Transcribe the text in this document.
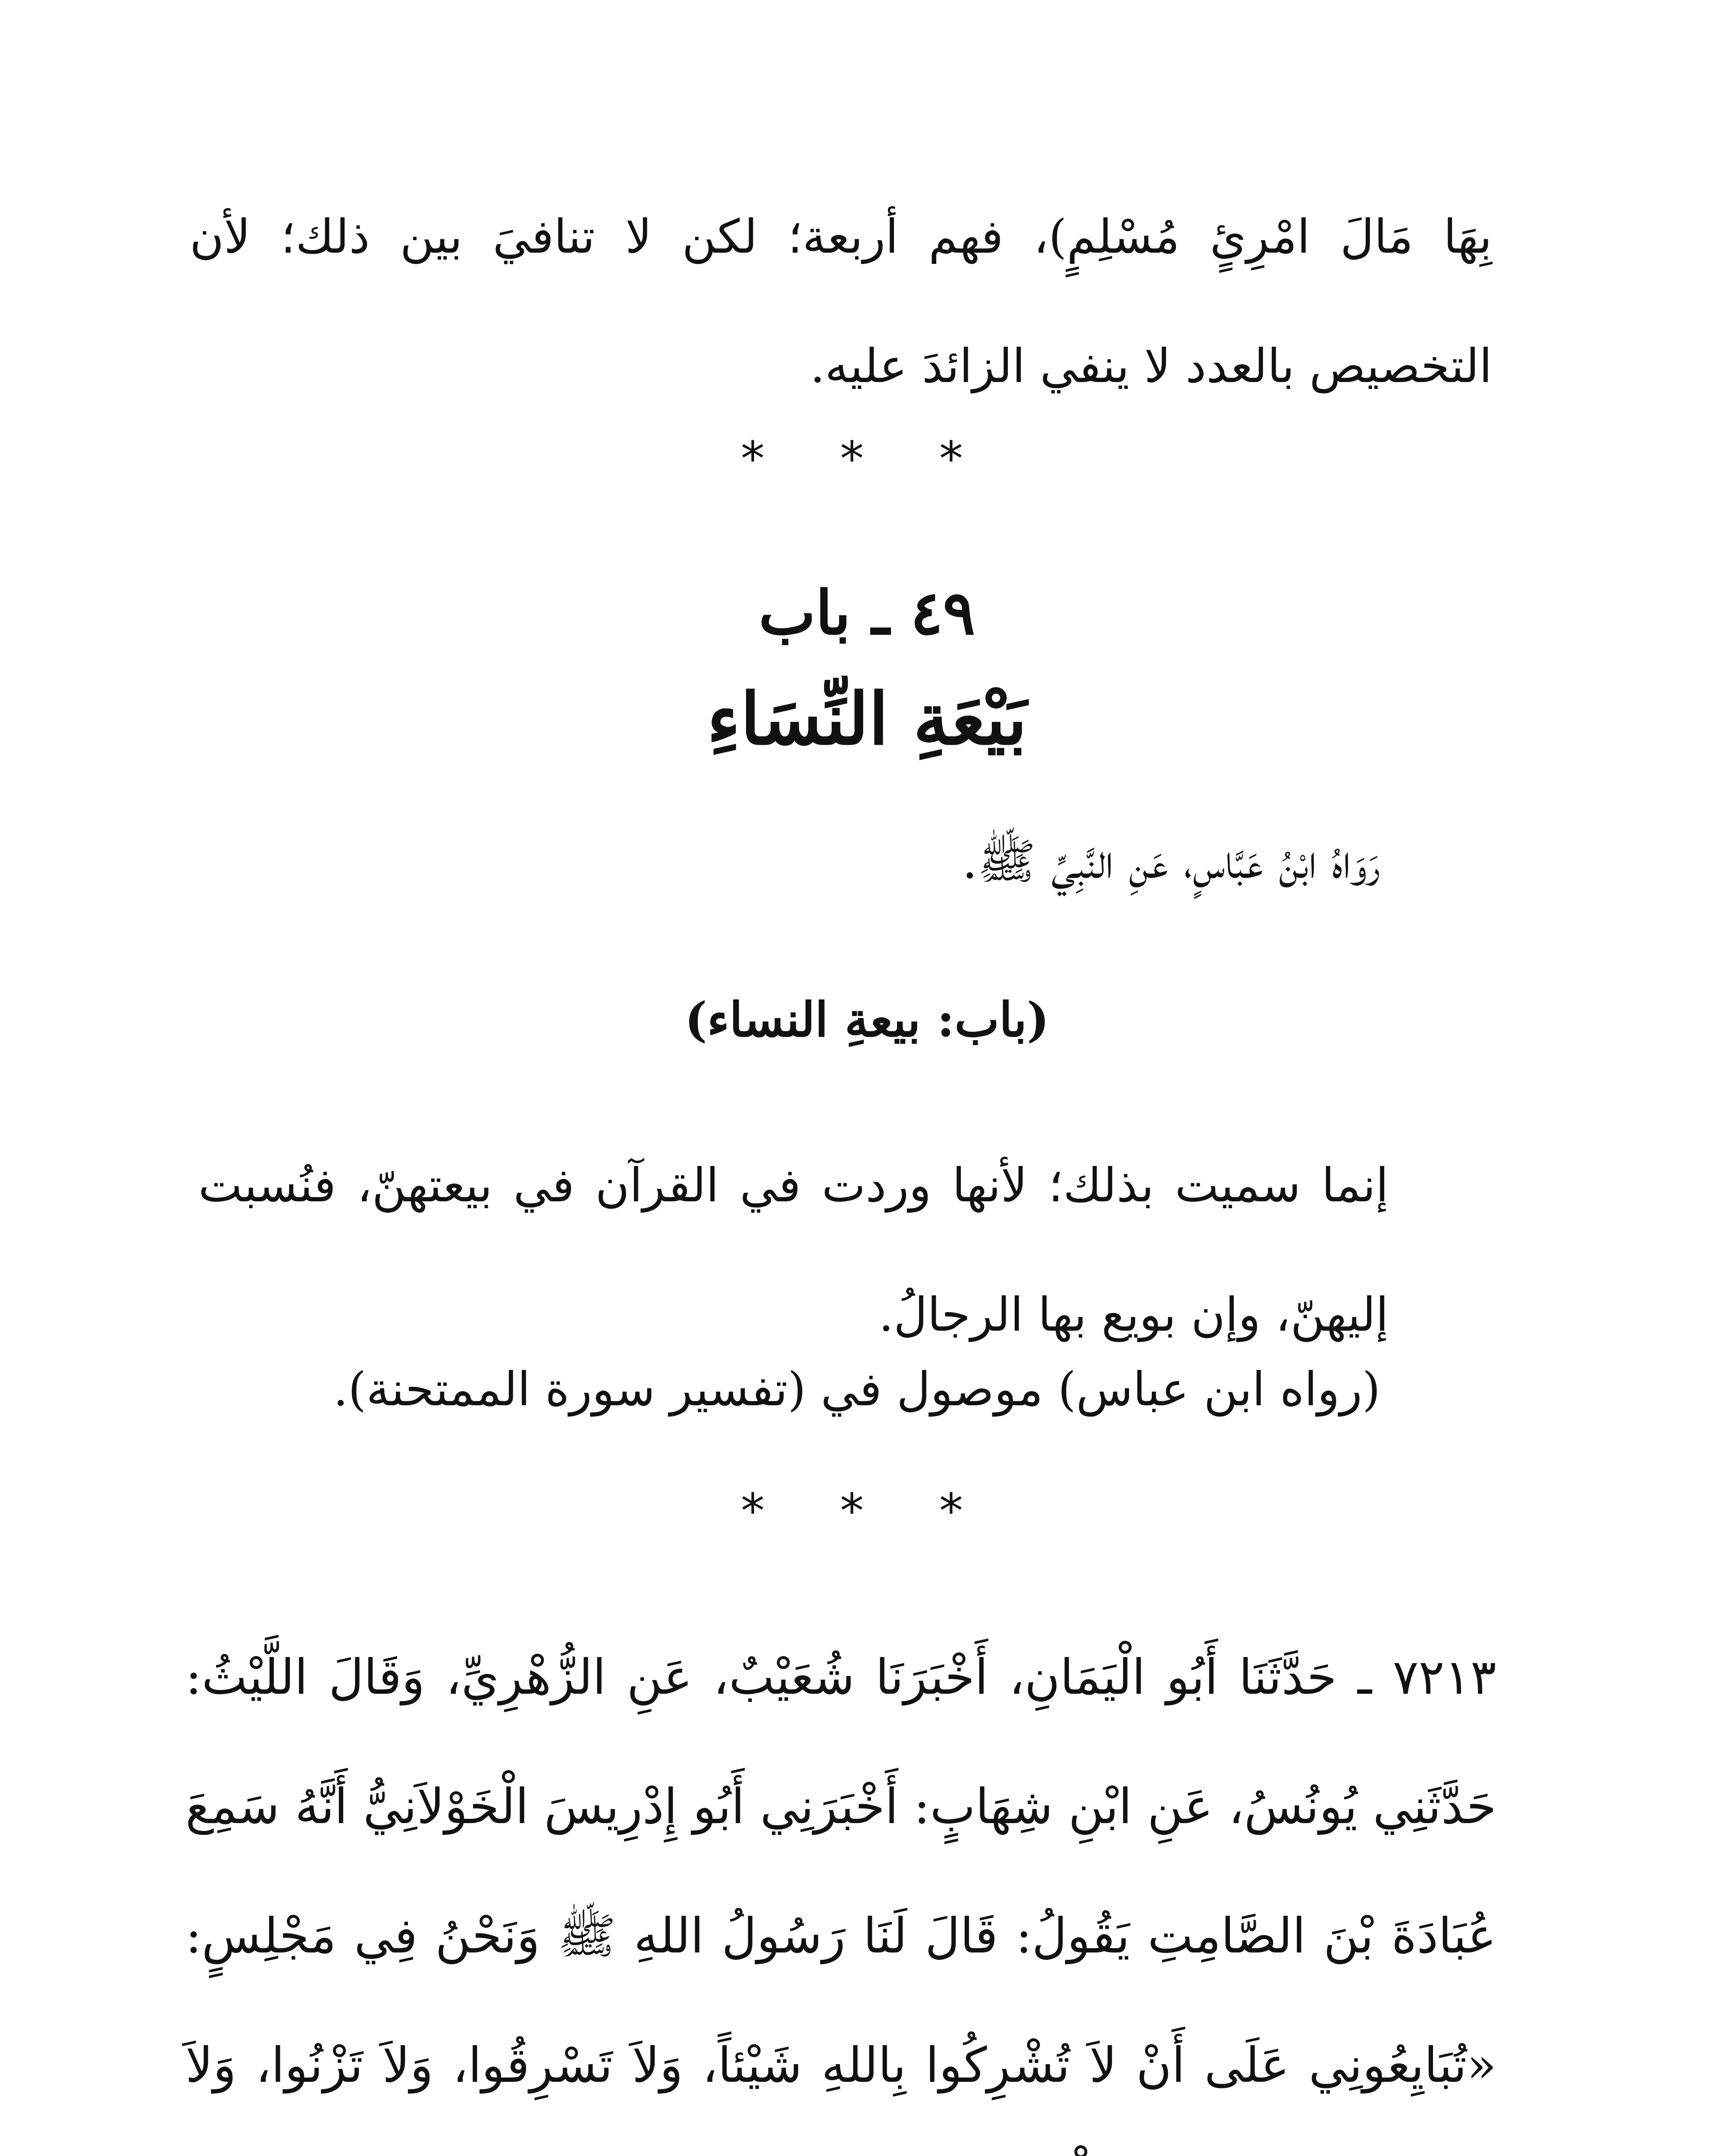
بِهَا مَالَ امْرِئٍ مُسْلِمٍ)، فهم أربعة؛ لكن لا تنافيَ بين ذلك؛ لأن التخصيص بالعدد لا ينفي الزائدَ عليه.
* * *
٤٩ ـ باب
بَيْعَةِ النِّسَاءِ
رَوَاهُ ابْنُ عَبَّاسٍ، عَنِ النَّبِيِّ ﷺ.
(باب: بيعةِ النساء)
إنما سميت بذلك؛ لأنها وردت في القرآن في بيعتهنّ، فنُسبت إليهنّ، وإن بويع بها الرجالُ.
(رواه ابن عباس) موصول في (تفسير سورة الممتحنة).
* * *
٧٢١٣ ـ حَدَّثَنَا أَبُو الْيَمَانِ، أَخْبَرَنَا شُعَيْبٌ، عَنِ الزُّهْرِيِّ، وَقَالَ اللَّيْثُ: حَدَّثَنِي يُونُسُ، عَنِ ابْنِ شِهَابٍ: أَخْبَرَنِي أَبُو إِدْرِيسَ الْخَوْلاَنِيُّ أَنَّهُ سَمِعَ عُبَادَةَ بْنَ الصَّامِتِ يَقُولُ: قَالَ لَنَا رَسُولُ اللهِ ﷺ وَنَحْنُ فِي مَجْلِسٍ: «تُبَايِعُونِي عَلَى أَنْ لاَ تُشْرِكُوا بِاللهِ شَيْئاً، وَلاَ تَسْرِقُوا، وَلاَ تَزْنُوا، وَلاَ
